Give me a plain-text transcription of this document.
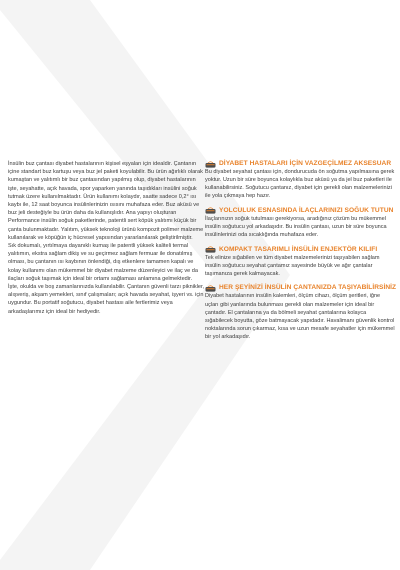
İnsülin buz çantası diyabet hastalarının kişisel eşyaları için idealdir. Çantanın içine standart buz kartuşu veya buz jel paketi koyulabilir. Bu ürün ağırlıklı olarak kumaştan ve yalıtımlı bir buz çantasından yapılmış olup, diyabet hastalarının işte, seyahatte, açık havada, spor yaparken yanında taşıdıkları insülini soğuk tutmak üzere kullanılmaktadır. Ürün kullanımı kolaydır, saatte sadece 0,2° ısı kaybı ile, 12 saat boyunca insülinlerinizin ısısını muhafaza eder. Buz aküsü ve buz jeli desteğiyle bu ürün daha da kullanışlıdır. Ana yapıyı oluşturan Performance insülin soğuk paketlerinde, patentli sert köpük yalıtımı küçük bir çanta bulunmaktadır. Yalıtım, yüksek teknoloji ürünü kompozit polimer malzeme kullanılarak ve köpüğün iç hücresel yapısından yararlanılarak geliştirilmiştir.

Sık dokumalı, yırtılmaya dayanıklı kumaş ile patentli yüksek kaliteli termal yalıtımın, ekstra sağlam dikiş ve su geçirmez sağlam fermuar ile donatılmış olması, bu çantanın ısı kaybının önlendiği, dış etkenlere tamamen kapalı ve kolay kullanımı olan mükemmel bir diyabet malzeme düzenleyici ve ilaç ve da ilaçları soğuk taşımak için ideal bir ortamı sağlaması anlamına gelmektedir.

İşte, okulda ve boş zamanlarınızda kullanılabilir. Çantanın güvenli tarzı piknikler, alışveriş, akşam yemekleri, sınıf çalışmaları; açık havada seyahat, işyeri vs. için uygundur. Bu portatif soğutucu, diyabet hastası aile fertlerimiz veya arkadaşlarımız için ideal bir hediyedir.

DİYABET HASTALARI İÇİN VAZGEÇİLMEZ AKSESUAR

Bu diyabet seyahat çantası için, dondurucuda ön soğutma yapılmasına gerek yoktur. Uzun bir süre boyunca kolaylıkla buz aküsü ya da jel buz paketleri ile kullanabilirsiniz. Soğutucu çantanız, diyabet için gerekli olan malzemelerinizi ile yola çıkmaya hep hazır.

YOLCULUK ESNASINDA İLAÇLARINIZI SOĞUK TUTUN

İlaçlarınızın soğuk tutulması gerekiyorsa, aradığınız çözüm bu mükemmel insülin soğutucu yol arkadaşıdır. Bu insülin çantası, uzun bir süre boyunca insülinlerinizi oda sıcaklığında muhafaza eder.

KOMPAKT TASARIMLI İNSÜLİN ENJEKTÖR KILIFI

Tek elinize sığabilen ve tüm diyabet malzemelerinizi taşıyabilen sağlam insülin soğutucu seyahat çantamız sayesinde büyük ve ağır çantalar taşımanıza gerek kalmayacak.

HER ŞEYİNİZİ İNSÜLİN ÇANTANIZDA TAŞIYABİLİRSİNİZ

Diyabet hastalarının insülin kalemleri, ölçüm cihazı, ölçüm şeritleri, iğne uçları gibi yanlarında bulunması gerekli olan malzemeler için ideal bir çantadır. El çantalarına ya da bölmeli seyahat çantalarına kolayca sığabilecek boyutta, göze batmayacak yapıdadır. Havalimanı güvenlik kontrol noktalarında sorun çıkarmaz, kısa ve uzun mesafe seyahatler için mükemmel bir yol arkadaşıdır.
